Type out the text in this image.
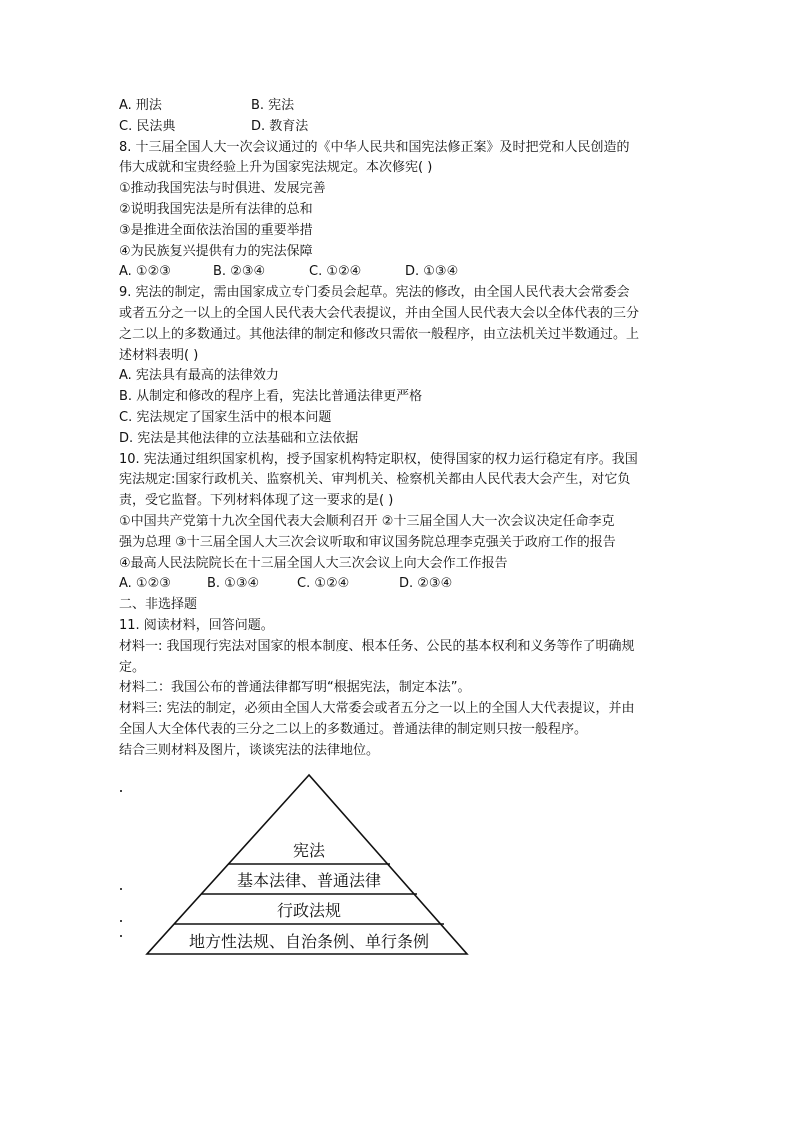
A. 刑法	B. 宪法
C. 民法典	D. 教育法
8. 十三届全国人大一次会议通过的《中华人民共和国宪法修正案》及时把党和人民创造的
伟大成就和宝贵经验上升为国家宪法规定。本次修宪( )
①推动我国宪法与时俱进、发展完善
②说明我国宪法是所有法律的总和
③是推进全面依法治国的重要举措
④为民族复兴提供有力的宪法保障
A. ①②③	B. ②③④	C. ①②④	D. ①③④
9. 宪法的制定，需由国家成立专门委员会起草。宪法的修改，由全国人民代表大会常委会
或者五分之一以上的全国人民代表大会代表提议，并由全国人民代表大会以全体代表的三分
之二以上的多数通过。其他法律的制定和修改只需依一般程序，由立法机关过半数通过。上
述材料表明( )
A. 宪法具有最高的法律效力
B. 从制定和修改的程序上看，宪法比普通法律更严格
C. 宪法规定了国家生活中的根本问题
D. 宪法是其他法律的立法基础和立法依据
10. 宪法通过组织国家机构，授予国家机构特定职权，使得国家的权力运行稳定有序。我国
宪法规定:国家行政机关、监察机关、审判机关、检察机关都由人民代表大会产生，对它负
责，受它监督。下列材料体现了这一要求的是( )
①中国共产党第十九次全国代表大会顺利召开 ②十三届全国人大一次会议决定任命李克
强为总理 ③十三届全国人大三次会议听取和审议国务院总理李克强关于政府工作的报告
④最高人民法院院长在十三届全国人大三次会议上向大会作工作报告
A. ①②③	B. ①③④	C. ①②④	D. ②③④
二、非选择题
11. 阅读材料，回答问题。
材料一: 我国现行宪法对国家的根本制度、根本任务、公民的基本权利和义务等作了明确规
定。
材料二：我国公布的普通法律都写明“根据宪法，制定本法”。
材料三: 宪法的制定，必须由全国人大常委会或者五分之一以上的全国人大代表提议，并由
全国人大全体代表的三分之二以上的多数通过。普通法律的制定则只按一般程序。
结合三则材料及图片，谈谈宪法的法律地位。
宪法
基本法律、普通法律
行政法规
地方性法规、自治条例、单行条例
